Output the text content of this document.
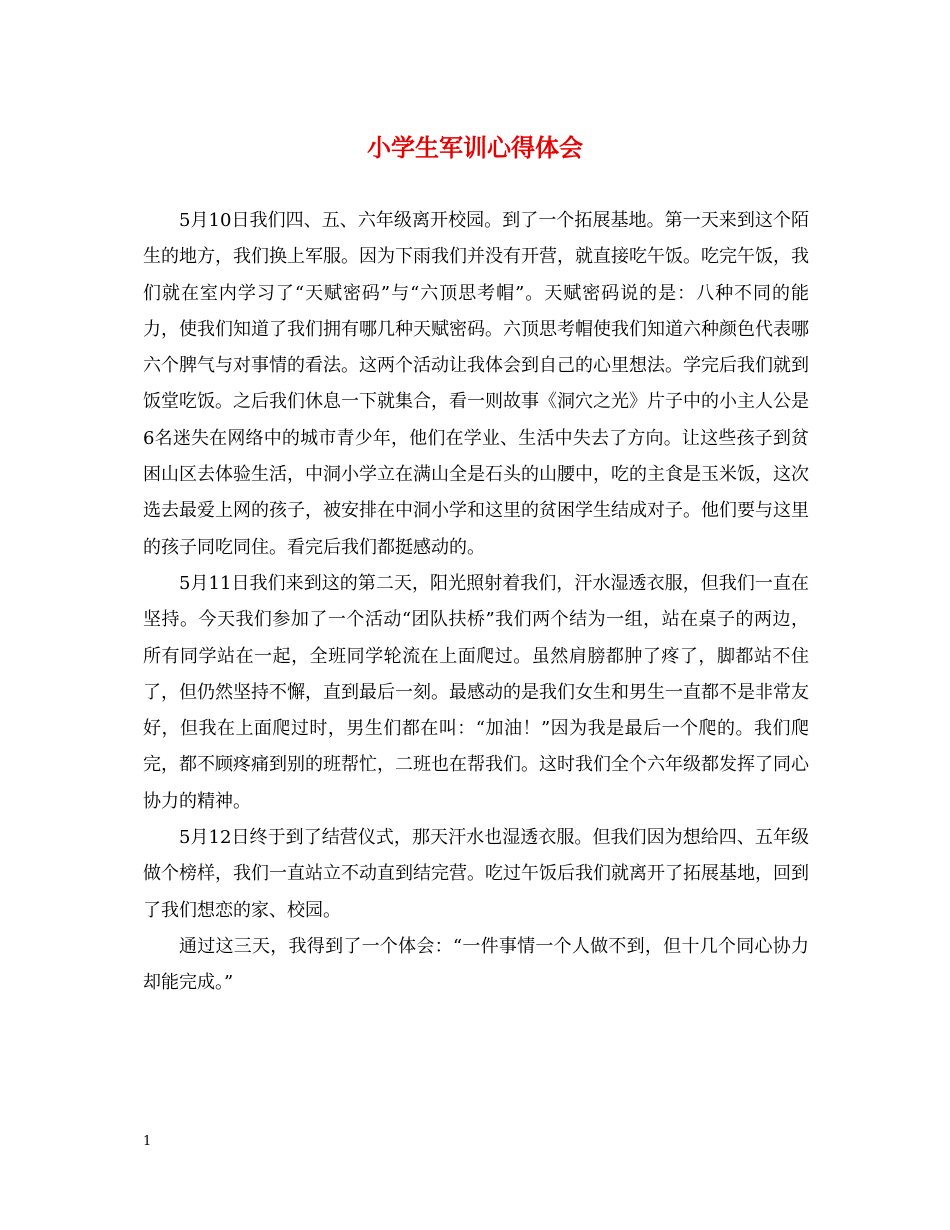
小学生军训心得体会

5月10日我们四、五、六年级离开校园。到了一个拓展基地。第一天来到这个陌生的地方，我们换上军服。因为下雨我们并没有开营，就直接吃午饭。吃完午饭，我们就在室内学习了“天赋密码”与“六顶思考帽”。天赋密码说的是：八种不同的能力，使我们知道了我们拥有哪几种天赋密码。六顶思考帽使我们知道六种颜色代表哪六个脾气与对事情的看法。这两个活动让我体会到自己的心里想法。学完后我们就到饭堂吃饭。之后我们休息一下就集合，看一则故事《洞穴之光》片子中的小主人公是6名迷失在网络中的城市青少年，他们在学业、生活中失去了方向。让这些孩子到贫困山区去体验生活，中洞小学立在满山全是石头的山腰中，吃的主食是玉米饭，这次选去最爱上网的孩子，被安排在中洞小学和这里的贫困学生结成对子。他们要与这里的孩子同吃同住。看完后我们都挺感动的。

5月11日我们来到这的第二天，阳光照射着我们，汗水湿透衣服，但我们一直在坚持。今天我们参加了一个活动“团队扶桥”我们两个结为一组，站在桌子的两边，所有同学站在一起，全班同学轮流在上面爬过。虽然肩膀都肿了疼了，脚都站不住了，但仍然坚持不懈，直到最后一刻。最感动的是我们女生和男生一直都不是非常友好，但我在上面爬过时，男生们都在叫：“加油！”因为我是最后一个爬的。我们爬完，都不顾疼痛到别的班帮忙，二班也在帮我们。这时我们全个六年级都发挥了同心协力的精神。

5月12日终于到了结营仪式，那天汗水也湿透衣服。但我们因为想给四、五年级做个榜样，我们一直站立不动直到结完营。吃过午饭后我们就离开了拓展基地，回到了我们想恋的家、校园。

通过这三天，我得到了一个体会：“一件事情一个人做不到，但十几个同心协力却能完成。”

1
